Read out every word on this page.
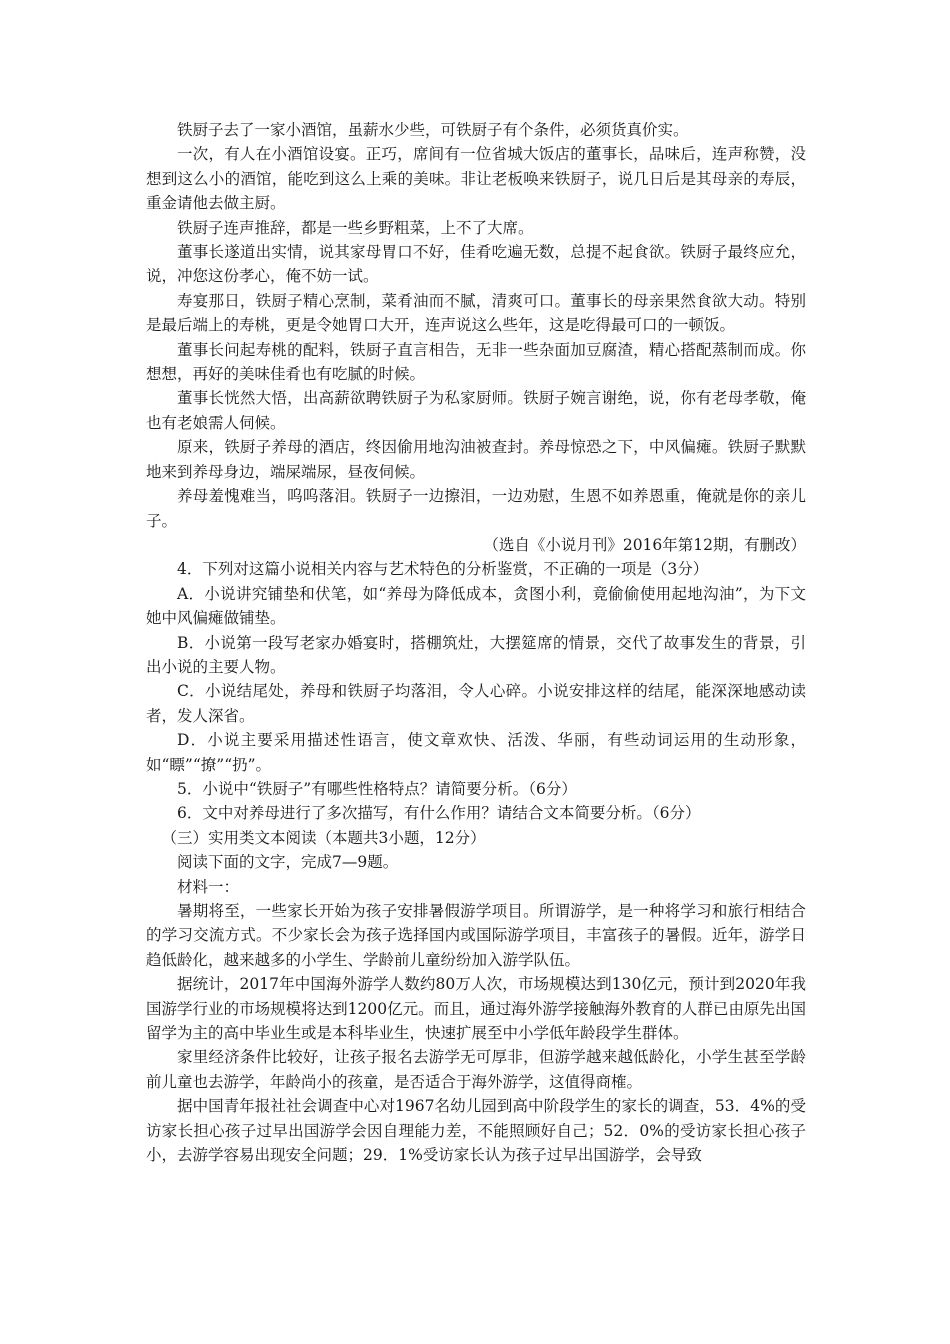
铁厨子去了一家小酒馆，虽薪水少些，可铁厨子有个条件，必须货真价实。

一次，有人在小酒馆设宴。正巧，席间有一位省城大饭店的董事长，品味后，连声称赞，没想到这么小的酒馆，能吃到这么上乘的美味。非让老板唤来铁厨子，说几日后是其母亲的寿辰，重金请他去做主厨。

铁厨子连声推辞，都是一些乡野粗菜，上不了大席。

董事长遂道出实情，说其家母胃口不好，佳肴吃遍无数，总提不起食欲。铁厨子最终应允，说，冲您这份孝心，俺不妨一试。

寿宴那日，铁厨子精心烹制，菜肴油而不腻，清爽可口。董事长的母亲果然食欲大动。特别是最后端上的寿桃，更是令她胃口大开，连声说这么些年，这是吃得最可口的一顿饭。

董事长问起寿桃的配料，铁厨子直言相告，无非一些杂面加豆腐渣，精心搭配蒸制而成。你想想，再好的美味佳肴也有吃腻的时候。

董事长恍然大悟，出高薪欲聘铁厨子为私家厨师。铁厨子婉言谢绝，说，你有老母孝敬，俺也有老娘需人伺候。

原来，铁厨子养母的酒店，终因偷用地沟油被查封。养母惊恐之下，中风偏瘫。铁厨子默默地来到养母身边，端屎端尿，昼夜伺候。

养母羞愧难当，呜呜落泪。铁厨子一边擦泪，一边劝慰，生恩不如养恩重，俺就是你的亲儿子。

（选自《小说月刊》2016年第12期，有删改）

4．下列对这篇小说相关内容与艺术特色的分析鉴赏，不正确的一项是（3分）

A．小说讲究铺垫和伏笔，如“养母为降低成本，贪图小利，竟偷偷使用起地沟油”，为下文她中风偏瘫做铺垫。

B．小说第一段写老家办婚宴时，搭棚筑灶，大摆筵席的情景，交代了故事发生的背景，引出小说的主要人物。

C．小说结尾处，养母和铁厨子均落泪，令人心碎。小说安排这样的结尾，能深深地感动读者，发人深省。

D．小说主要采用描述性语言，使文章欢快、活泼、华丽，有些动词运用的生动形象，如“瞟”“撩”“扔”。

5．小说中“铁厨子”有哪些性格特点？请简要分析。（6分）

6．文中对养母进行了多次描写，有什么作用？请结合文本简要分析。（6分）

（三）实用类文本阅读（本题共3小题，12分）

阅读下面的文字，完成7—9题。

材料一：

暑期将至，一些家长开始为孩子安排暑假游学项目。所谓游学，是一种将学习和旅行相结合的学习交流方式。不少家长会为孩子选择国内或国际游学项目，丰富孩子的暑假。近年，游学日趋低龄化，越来越多的小学生、学龄前儿童纷纷加入游学队伍。

据统计，2017年中国海外游学人数约80万人次，市场规模达到130亿元，预计到2020年我国游学行业的市场规模将达到1200亿元。而且，通过海外游学接触海外教育的人群已由原先出国留学为主的高中毕业生或是本科毕业生，快速扩展至中小学低年龄段学生群体。

家里经济条件比较好，让孩子报名去游学无可厚非，但游学越来越低龄化，小学生甚至学龄前儿童也去游学，年龄尚小的孩童，是否适合于海外游学，这值得商榷。

据中国青年报社社会调查中心对1967名幼儿园到高中阶段学生的家长的调查，53．4%的受访家长担心孩子过早出国游学会因自理能力差，不能照顾好自己；52．0%的受访家长担心孩子小，去游学容易出现安全问题；29．1%受访家长认为孩子过早出国游学，会导致
